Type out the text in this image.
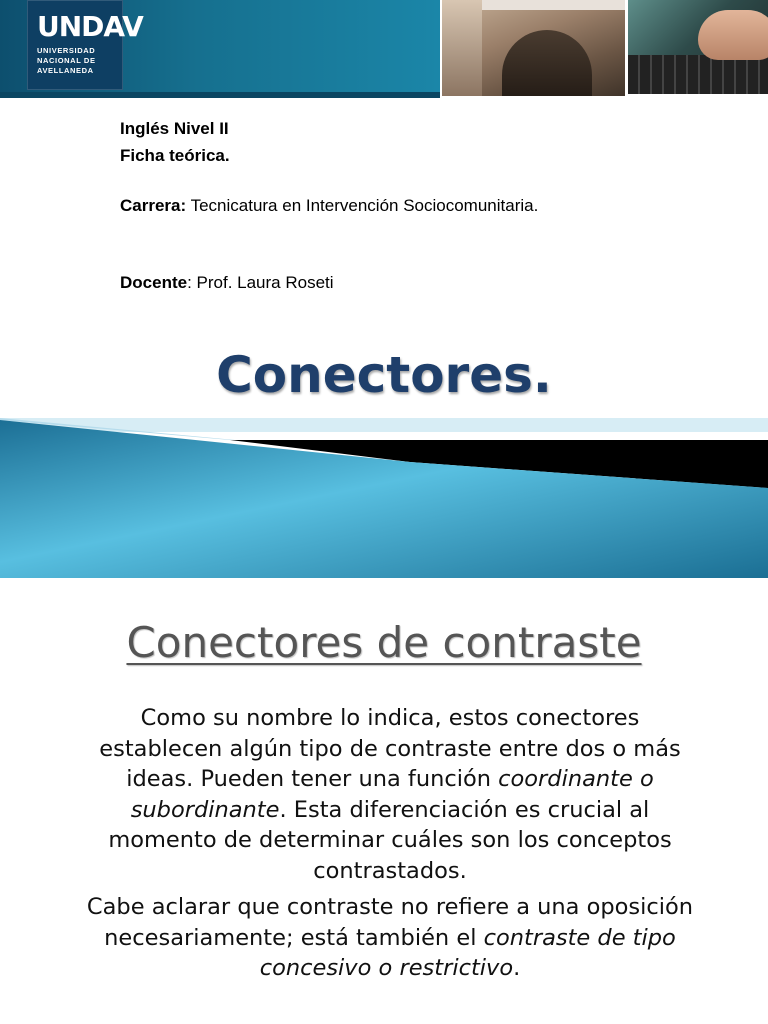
UNDAV
UNIVERSIDAD
NACIONAL DE
AVELLANEDA
Inglés Nivel II
Ficha teórica.
Carrera: Tecnicatura en Intervención Sociocomunitaria.
Docente: Prof. Laura Roseti
Conectores.
Conectores de contraste
Como su nombre lo indica, estos conectores
establecen algún tipo de contraste entre dos o más
ideas. Pueden tener una función coordinante o
subordinante. Esta diferenciación es crucial al
momento de determinar cuáles son los conceptos
contrastados.
Cabe aclarar que contraste no refiere a una oposición
necesariamente; está también el contraste de tipo
concesivo o restrictivo.
